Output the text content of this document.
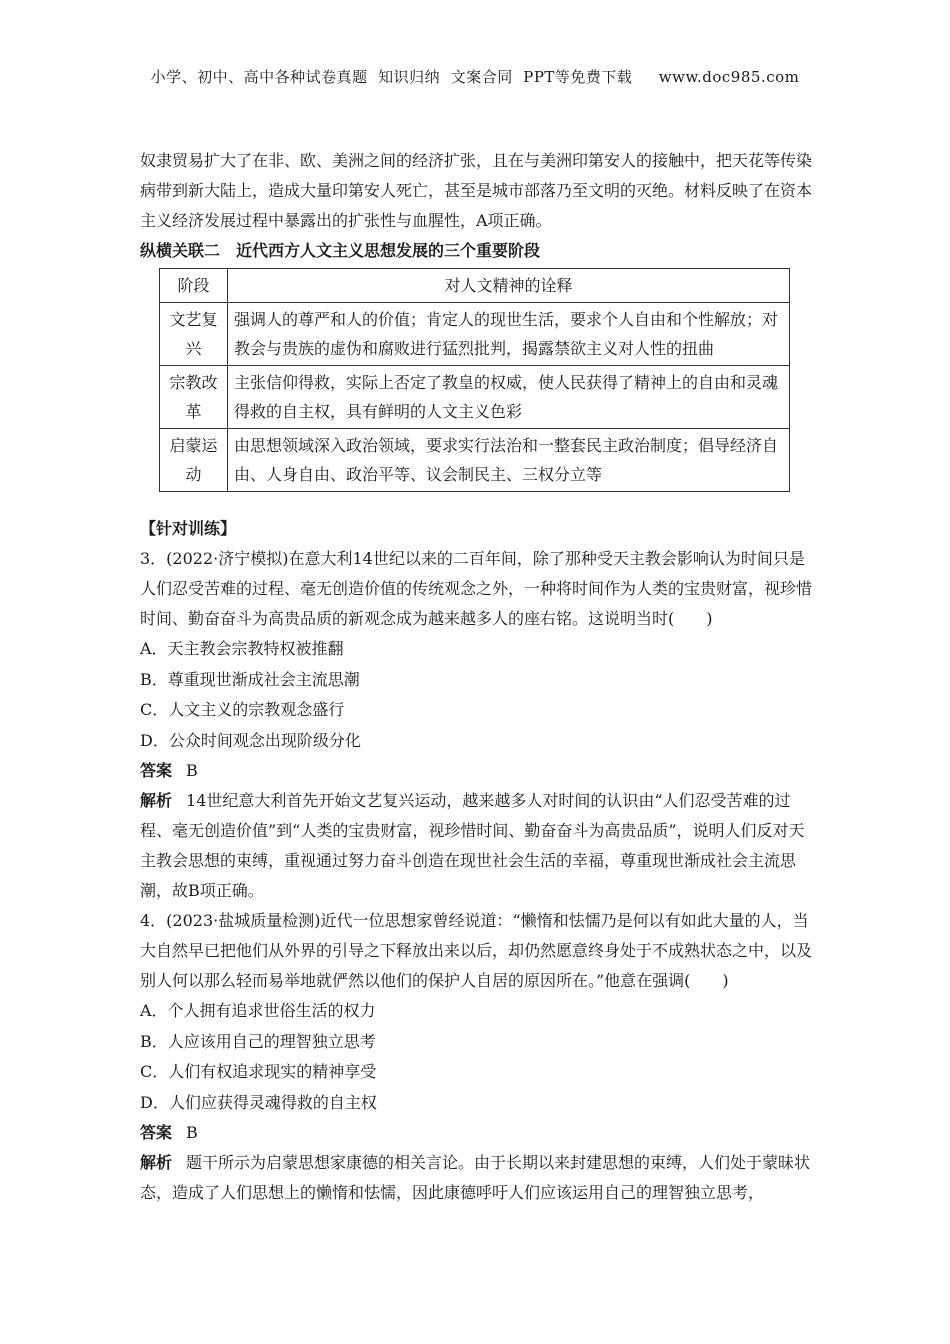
小学、初中、高中各种试卷真题  知识归纳  文案合同  PPT等免费下载     www.doc985.com

奴隶贸易扩大了在非、欧、美洲之间的经济扩张，且在与美洲印第安人的接触中，把天花等传染病带到新大陆上，造成大量印第安人死亡，甚至是城市部落乃至文明的灭绝。材料反映了在资本主义经济发展过程中暴露出的扩张性与血腥性，A项正确。

纵横关联二　近代西方人文主义思想发展的三个重要阶段

阶段	对人文精神的诠释
文艺复兴	强调人的尊严和人的价值；肯定人的现世生活，要求个人自由和个性解放；对教会与贵族的虚伪和腐败进行猛烈批判，揭露禁欲主义对人性的扭曲
宗教改革	主张信仰得救，实际上否定了教皇的权威，使人民获得了精神上的自由和灵魂得救的自主权，具有鲜明的人文主义色彩
启蒙运动	由思想领域深入政治领域，要求实行法治和一整套民主政治制度；倡导经济自由、人身自由、政治平等、议会制民主、三权分立等

【针对训练】

3．(2022·济宁模拟)在意大利14世纪以来的二百年间，除了那种受天主教会影响认为时间只是人们忍受苦难的过程、毫无创造价值的传统观念之外，一种将时间作为人类的宝贵财富，视珍惜时间、勤奋奋斗为高贵品质的新观念成为越来越多人的座右铭。这说明当时(　　)

A．天主教会宗教特权被推翻

B．尊重现世渐成社会主流思潮

C．人文主义的宗教观念盛行

D．公众时间观念出现阶级分化

答案 B

解析 14世纪意大利首先开始文艺复兴运动，越来越多人对时间的认识由“人们忍受苦难的过程、毫无创造价值”到“人类的宝贵财富，视珍惜时间、勤奋奋斗为高贵品质”，说明人们反对天主教会思想的束缚，重视通过努力奋斗创造在现世社会生活的幸福，尊重现世渐成社会主流思潮，故B项正确。

4．(2023·盐城质量检测)近代一位思想家曾经说道：“懒惰和怯懦乃是何以有如此大量的人，当大自然早已把他们从外界的引导之下释放出来以后，却仍然愿意终身处于不成熟状态之中，以及别人何以那么轻而易举地就俨然以他们的保护人自居的原因所在。”他意在强调(　　)

A．个人拥有追求世俗生活的权力

B．人应该用自己的理智独立思考

C．人们有权追求现实的精神享受

D．人们应获得灵魂得救的自主权

答案 B

解析 题干所示为启蒙思想家康德的相关言论。由于长期以来封建思想的束缚，人们处于蒙昧状态，造成了人们思想上的懒惰和怯懦，因此康德呼吁人们应该运用自己的理智独立思考，
